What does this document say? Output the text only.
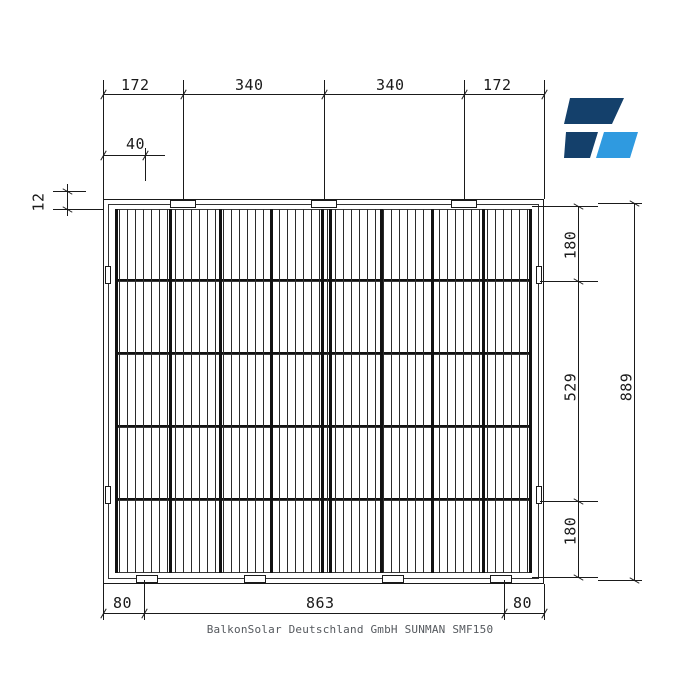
172	340	340	172
40
12
180
529
180
889
80	863	80
BalkonSolar Deutschland GmbH SUNMAN SMF150
